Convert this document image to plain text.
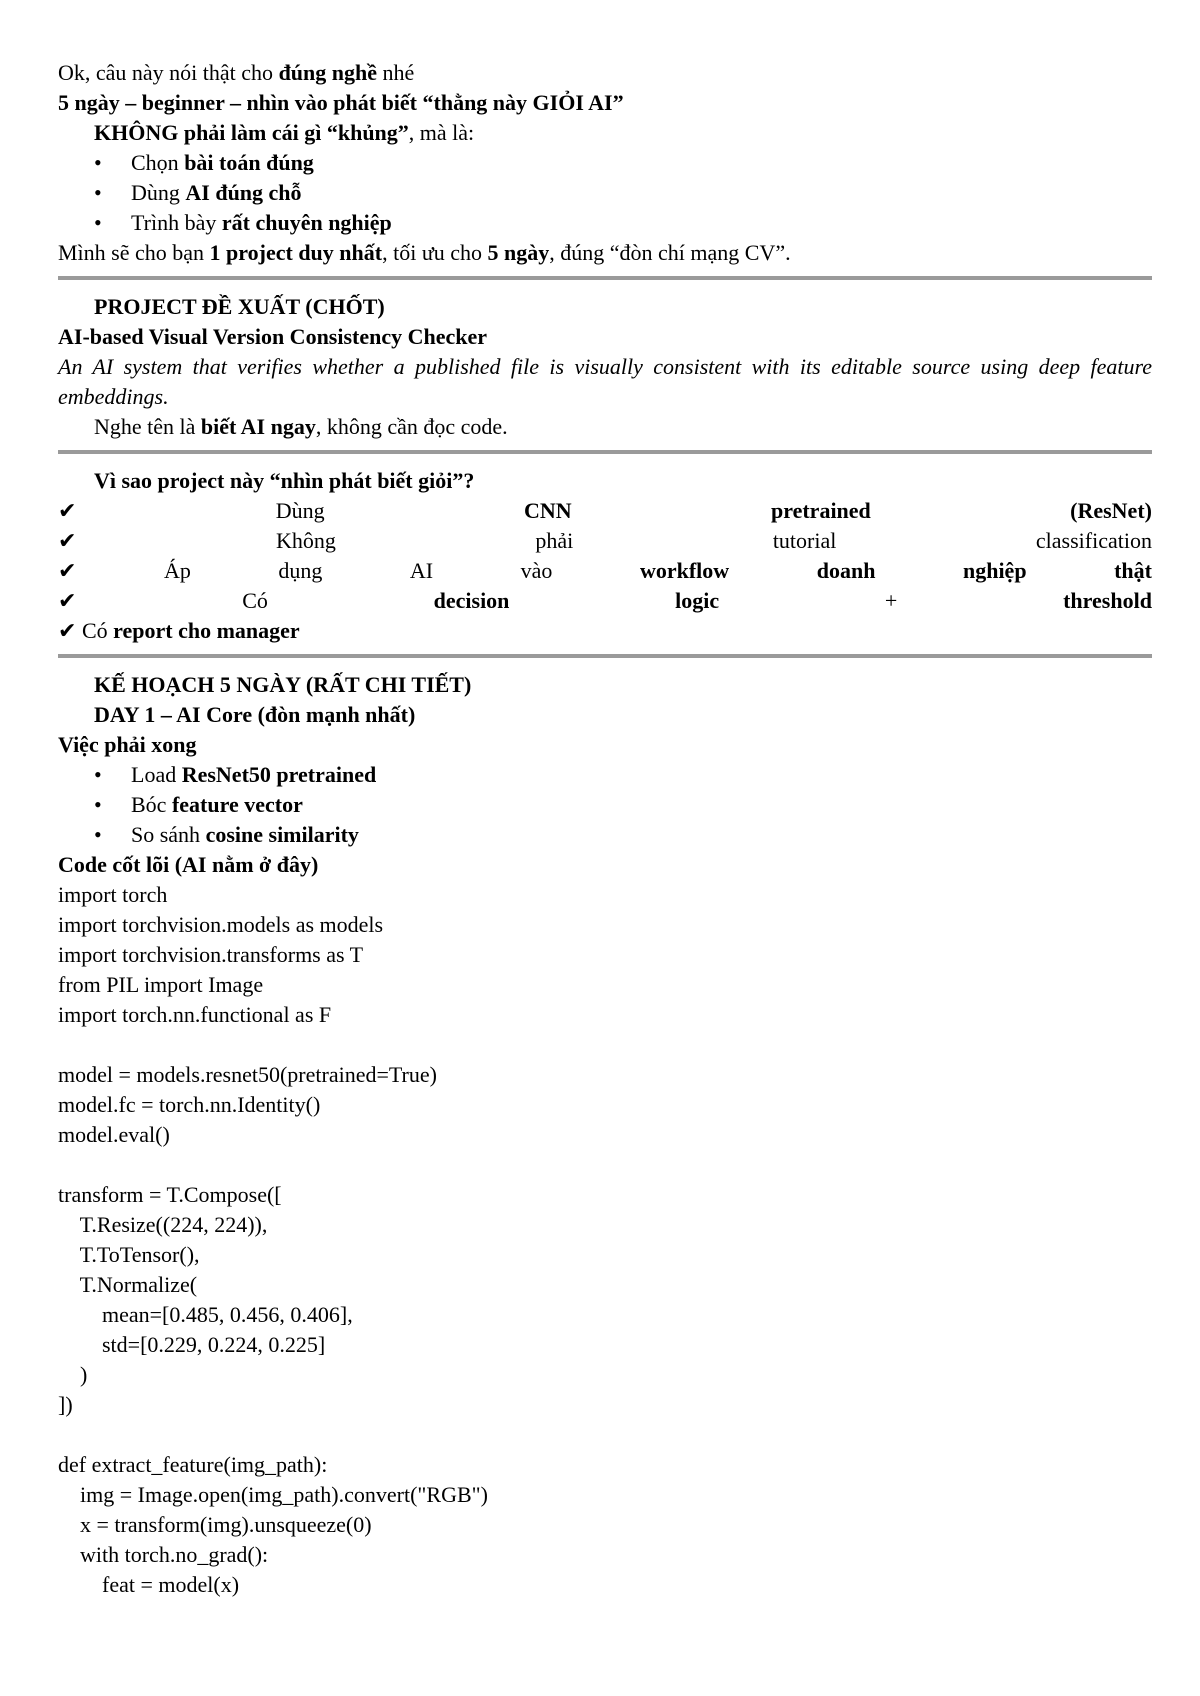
Ok, câu này nói thật cho đúng nghề nhé
5 ngày – beginner – nhìn vào phát biết “thằng này GIỎI AI”
KHÔNG phải làm cái gì “khủng”, mà là:
• Chọn bài toán đúng
• Dùng AI đúng chỗ
• Trình bày rất chuyên nghiệp
Mình sẽ cho bạn 1 project duy nhất, tối ưu cho 5 ngày, đúng “đòn chí mạng CV”.
PROJECT ĐỀ XUẤT (CHỐT)
AI-based Visual Version Consistency Checker
An AI system that verifies whether a published file is visually consistent with its editable source using deep feature embeddings.
Nghe tên là biết AI ngay, không cần đọc code.
Vì sao project này “nhìn phát biết giỏi”?
✔	Dùng	CNN	pretrained	(ResNet)
✔	Không	phải	tutorial	classification
✔	Áp	dụng	AI	vào	workflow	doanh	nghiệp	thật
✔	Có	decision	logic	+	threshold
✔ Có report cho manager
KẾ HOẠCH 5 NGÀY (RẤT CHI TIẾT)
DAY 1 – AI Core (đòn mạnh nhất)
Việc phải xong
• Load ResNet50 pretrained
• Bóc feature vector
• So sánh cosine similarity
Code cốt lõi (AI nằm ở đây)
import torch
import torchvision.models as models
import torchvision.transforms as T
from PIL import Image
import torch.nn.functional as F
model = models.resnet50(pretrained=True)
model.fc = torch.nn.Identity()
model.eval()
transform = T.Compose([
T.Resize((224, 224)),
T.ToTensor(),
T.Normalize(
mean=[0.485, 0.456, 0.406],
std=[0.229, 0.224, 0.225]
)
])
def extract_feature(img_path):
img = Image.open(img_path).convert("RGB")
x = transform(img).unsqueeze(0)
with torch.no_grad():
feat = model(x)
